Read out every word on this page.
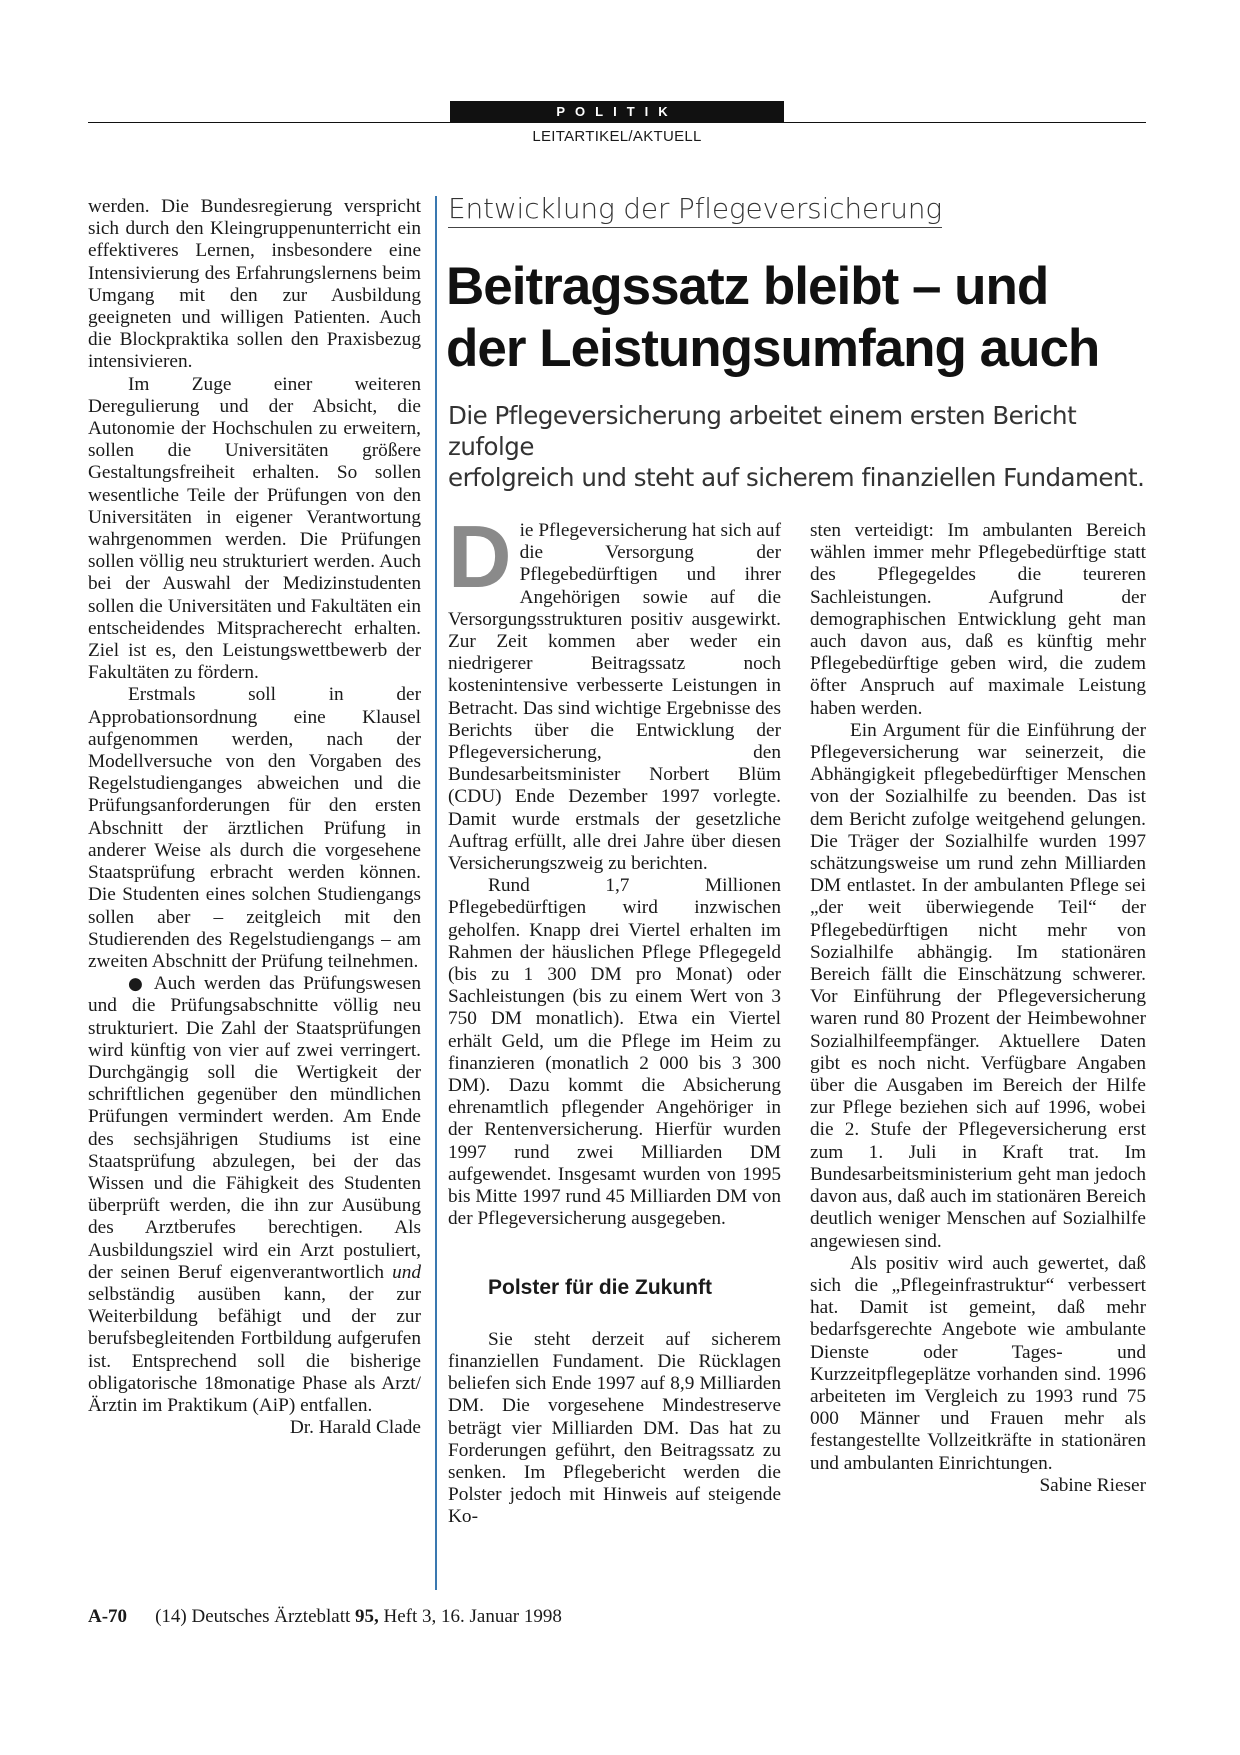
POLITIK
LEITARTIKEL/AKTUELL

werden. Die Bundesregierung verspricht sich durch den Kleingruppenunterricht ein effektiveres Lernen, insbesondere eine Intensivierung des Erfahrungslernens beim Umgang mit den zur Ausbildung geeigneten und willigen Patienten. Auch die Blockpraktika sollen den Praxisbezug intensivieren.

Im Zuge einer weiteren Deregulierung und der Absicht, die Autonomie der Hochschulen zu erweitern, sollen die Universitäten größere Gestaltungsfreiheit erhalten. So sollen wesentliche Teile der Prüfungen von den Universitäten in eigener Verantwortung wahrgenommen werden. Die Prüfungen sollen völlig neu strukturiert werden. Auch bei der Auswahl der Medizinstudenten sollen die Universitäten und Fakultäten ein entscheidendes Mitspracherecht erhalten. Ziel ist es, den Leistungswettbewerb der Fakultäten zu fördern.

Erstmals soll in der Approbationsordnung eine Klausel aufgenommen werden, nach der Modellversuche von den Vorgaben des Regelstudienganges abweichen und die Prüfungsanforderungen für den ersten Abschnitt der ärztlichen Prüfung in anderer Weise als durch die vorgesehene Staatsprüfung erbracht werden können. Die Studenten eines solchen Studiengangs sollen aber – zeitgleich mit den Studierenden des Regelstudiengangs – am zweiten Abschnitt der Prüfung teilnehmen.

● Auch werden das Prüfungswesen und die Prüfungsabschnitte völlig neu strukturiert. Die Zahl der Staatsprüfungen wird künftig von vier auf zwei verringert. Durchgängig soll die Wertigkeit der schriftlichen gegenüber den mündlichen Prüfungen vermindert werden. Am Ende des sechsjährigen Studiums ist eine Staatsprüfung abzulegen, bei der das Wissen und die Fähigkeit des Studenten überprüft werden, die ihn zur Ausübung des Arztberufes berechtigen. Als Ausbildungsziel wird ein Arzt postuliert, der seinen Beruf eigenverantwortlich und selbständig ausüben kann, der zur Weiterbildung befähigt und der zur berufsbegleitenden Fortbildung aufgerufen ist. Entsprechend soll die bisherige obligatorische 18monatige Phase als Arzt/Ärztin im Praktikum (AiP) entfallen.
Dr. Harald Clade

Entwicklung der Pflegeversicherung
Beitragssatz bleibt – und
der Leistungsumfang auch
Die Pflegeversicherung arbeitet einem ersten Bericht zufolge
erfolgreich und steht auf sicherem finanziellen Fundament.

Die Pflegeversicherung hat sich auf die Versorgung der Pflegebedürftigen und ihrer Angehörigen sowie auf die Versorgungsstrukturen positiv ausgewirkt. Zur Zeit kommen aber weder ein niedrigerer Beitragssatz noch kostenintensive verbesserte Leistungen in Betracht. Das sind wichtige Ergebnisse des Berichts über die Entwicklung der Pflegeversicherung, den Bundesarbeitsminister Norbert Blüm (CDU) Ende Dezember 1997 vorlegte. Damit wurde erstmals der gesetzliche Auftrag erfüllt, alle drei Jahre über diesen Versicherungszweig zu berichten.

Rund 1,7 Millionen Pflegebedürftigen wird inzwischen geholfen. Knapp drei Viertel erhalten im Rahmen der häuslichen Pflege Pflegegeld (bis zu 1 300 DM pro Monat) oder Sachleistungen (bis zu einem Wert von 3 750 DM monatlich). Etwa ein Viertel erhält Geld, um die Pflege im Heim zu finanzieren (monatlich 2 000 bis 3 300 DM). Dazu kommt die Absicherung ehrenamtlich pflegender Angehöriger in der Rentenversicherung. Hierfür wurden 1997 rund zwei Milliarden DM aufgewendet. Insgesamt wurden von 1995 bis Mitte 1997 rund 45 Milliarden DM von der Pflegeversicherung ausgegeben.

Polster für die Zukunft

Sie steht derzeit auf sicherem finanziellen Fundament. Die Rücklagen beliefen sich Ende 1997 auf 8,9 Milliarden DM. Die vorgesehene Mindestreserve beträgt vier Milliarden DM. Das hat zu Forderungen geführt, den Beitragssatz zu senken. Im Pflegebericht werden die Polster jedoch mit Hinweis auf steigende Ko-

sten verteidigt: Im ambulanten Bereich wählen immer mehr Pflegebedürftige statt des Pflegegeldes die teureren Sachleistungen. Aufgrund der demographischen Entwicklung geht man auch davon aus, daß es künftig mehr Pflegebedürftige geben wird, die zudem öfter Anspruch auf maximale Leistung haben werden.

Ein Argument für die Einführung der Pflegeversicherung war seinerzeit, die Abhängigkeit pflegebedürftiger Menschen von der Sozialhilfe zu beenden. Das ist dem Bericht zufolge weitgehend gelungen. Die Träger der Sozialhilfe wurden 1997 schätzungsweise um rund zehn Milliarden DM entlastet. In der ambulanten Pflege sei „der weit überwiegende Teil“ der Pflegebedürftigen nicht mehr von Sozialhilfe abhängig. Im stationären Bereich fällt die Einschätzung schwerer. Vor Einführung der Pflegeversicherung waren rund 80 Prozent der Heimbewohner Sozialhilfeempfänger. Aktuellere Daten gibt es noch nicht. Verfügbare Angaben über die Ausgaben im Bereich der Hilfe zur Pflege beziehen sich auf 1996, wobei die 2. Stufe der Pflegeversicherung erst zum 1. Juli in Kraft trat. Im Bundesarbeitsministerium geht man jedoch davon aus, daß auch im stationären Bereich deutlich weniger Menschen auf Sozialhilfe angewiesen sind.

Als positiv wird auch gewertet, daß sich die „Pflegeinfrastruktur“ verbessert hat. Damit ist gemeint, daß mehr bedarfsgerechte Angebote wie ambulante Dienste oder Tages- und Kurzzeitpflegeplätze vorhanden sind. 1996 arbeiteten im Vergleich zu 1993 rund 75 000 Männer und Frauen mehr als festangestellte Vollzeitkräfte in stationären und ambulanten Einrichtungen.
Sabine Rieser

A-70 (14) Deutsches Ärzteblatt 95, Heft 3, 16. Januar 1998
